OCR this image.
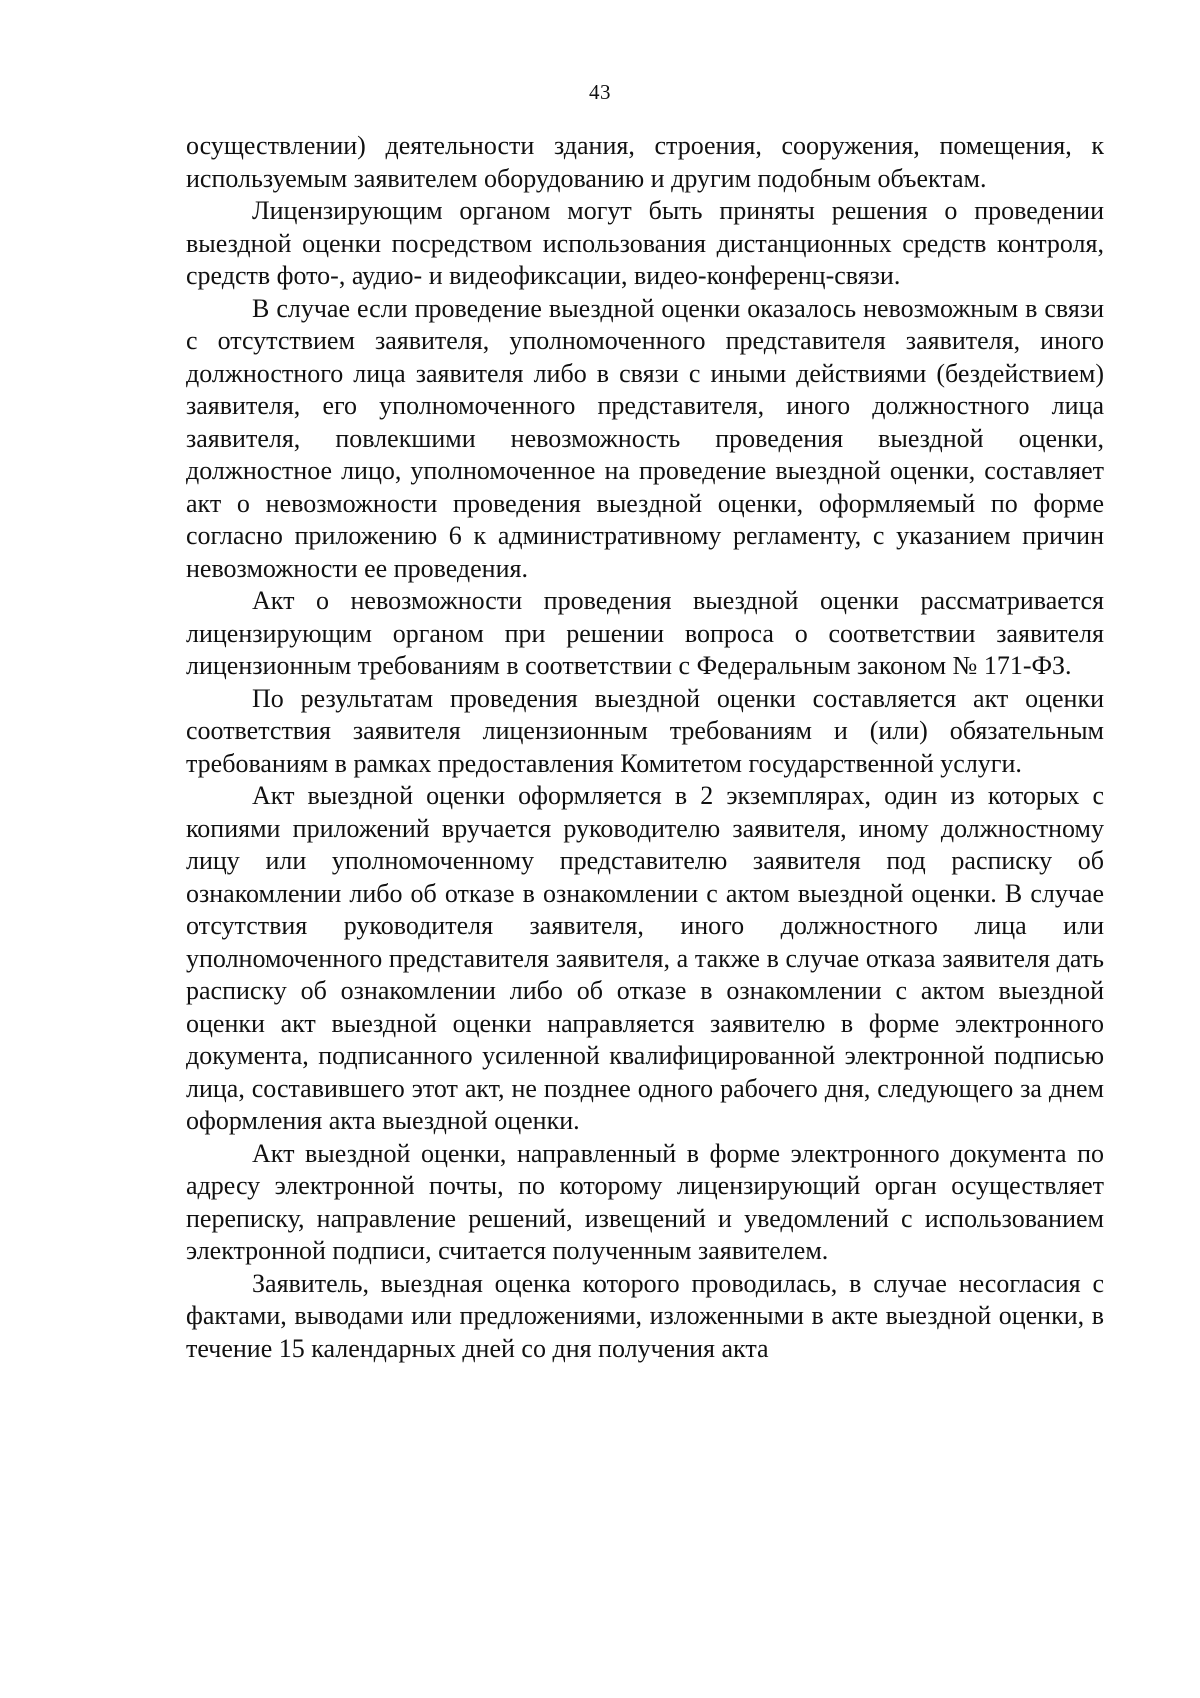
43

осуществлении) деятельности здания, строения, сооружения, помещения, к используемым заявителем оборудованию и другим подобным объектам.

Лицензирующим органом могут быть приняты решения о проведении выездной оценки посредством использования дистанционных средств контроля, средств фото-, аудио- и видеофиксации, видео-конференц-связи.

В случае если проведение выездной оценки оказалось невозможным в связи с отсутствием заявителя, уполномоченного представителя заявителя, иного должностного лица заявителя либо в связи с иными действиями (бездействием) заявителя, его уполномоченного представителя, иного должностного лица заявителя, повлекшими невозможность проведения выездной оценки, должностное лицо, уполномоченное на проведение выездной оценки, составляет акт о невозможности проведения выездной оценки, оформляемый по форме согласно приложению 6 к административному регламенту, с указанием причин невозможности ее проведения.

Акт о невозможности проведения выездной оценки рассматривается лицензирующим органом при решении вопроса о соответствии заявителя лицензионным требованиям в соответствии с Федеральным законом № 171-ФЗ.

По результатам проведения выездной оценки составляется акт оценки соответствия заявителя лицензионным требованиям и (или) обязательным требованиям в рамках предоставления Комитетом государственной услуги.

Акт выездной оценки оформляется в 2 экземплярах, один из которых с копиями приложений вручается руководителю заявителя, иному должностному лицу или уполномоченному представителю заявителя под расписку об ознакомлении либо об отказе в ознакомлении с актом выездной оценки. В случае отсутствия руководителя заявителя, иного должностного лица или уполномоченного представителя заявителя, а также в случае отказа заявителя дать расписку об ознакомлении либо об отказе в ознакомлении с актом выездной оценки акт выездной оценки направляется заявителю в форме электронного документа, подписанного усиленной квалифицированной электронной подписью лица, составившего этот акт, не позднее одного рабочего дня, следующего за днем оформления акта выездной оценки.

Акт выездной оценки, направленный в форме электронного документа по адресу электронной почты, по которому лицензирующий орган осуществляет переписку, направление решений, извещений и уведомлений с использованием электронной подписи, считается полученным заявителем.

Заявитель, выездная оценка которого проводилась, в случае несогласия с фактами, выводами или предложениями, изложенными в акте выездной оценки, в течение 15 календарных дней со дня получения акта
